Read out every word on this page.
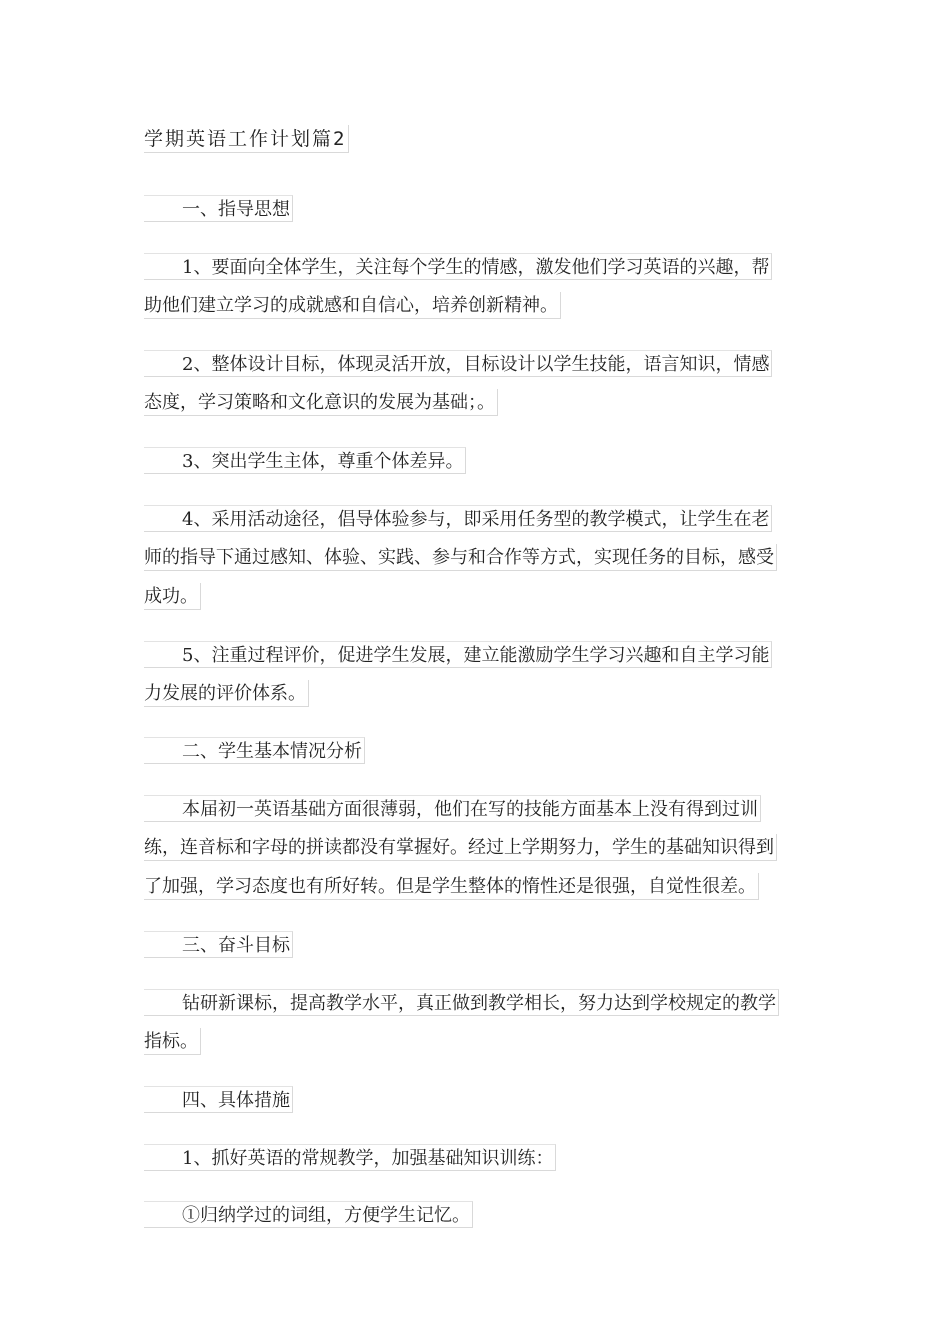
学期英语工作计划篇2
一、指导思想
1、要面向全体学生，关注每个学生的情感，激发他们学习英语的兴趣，帮
助他们建立学习的成就感和自信心，培养创新精神。
2、整体设计目标，体现灵活开放，目标设计以学生技能，语言知识，情感
态度，学习策略和文化意识的发展为基础；。
3、突出学生主体，尊重个体差异。
4、采用活动途径，倡导体验参与，即采用任务型的教学模式，让学生在老
师的指导下通过感知、体验、实践、参与和合作等方式，实现任务的目标，感受
成功。
5、注重过程评价，促进学生发展，建立能激励学生学习兴趣和自主学习能
力发展的评价体系。
二、学生基本情况分析
本届初一英语基础方面很薄弱，他们在写的技能方面基本上没有得到过训
练，连音标和字母的拼读都没有掌握好。经过上学期努力，学生的基础知识得到
了加强，学习态度也有所好转。但是学生整体的惰性还是很强，自觉性很差。
三、奋斗目标
钻研新课标，提高教学水平，真正做到教学相长，努力达到学校规定的教学
指标。
四、具体措施
1、抓好英语的常规教学，加强基础知识训练：
①归纳学过的词组，方便学生记忆。
